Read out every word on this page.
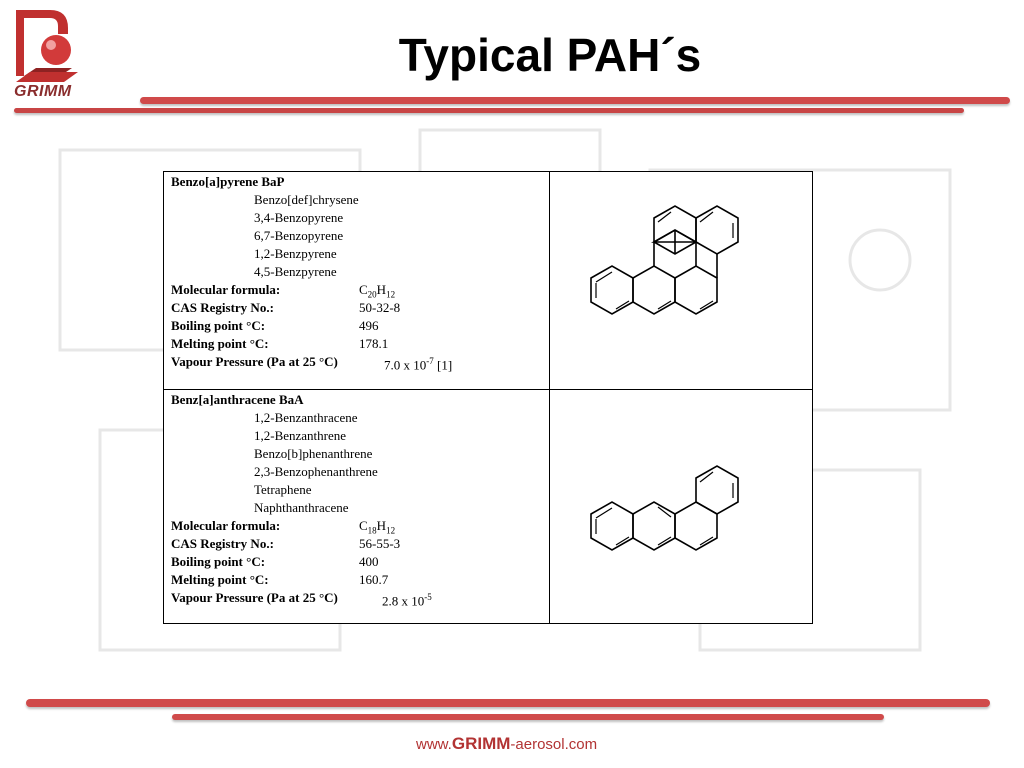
GRIMM
Typical PAH´s
Benzo[a]pyrene BaP
Benzo[def]chrysene
3,4-Benzopyrene
6,7-Benzopyrene
1,2-Benzpyrene
4,5-Benzpyrene
Molecular formula:	$C_{20}H_{12}$
CAS Registry No.:	50-32-8
Boiling point °C:	496
Melting point °C:	178.1
Vapour Pressure (Pa at 25 °C)	7.0 x $10^{-7}$ [1]
Benz[a]anthracene BaA
1,2-Benzanthracene
1,2-Benzanthrene
Benzo[b]phenanthrene
2,3-Benzophenanthrene
Tetraphene
Naphthanthracene
Molecular formula:	$C_{18}H_{12}$
CAS Registry No.:	56-55-3
Boiling point °C:	400
Melting point °C:	160.7
Vapour Pressure (Pa at 25 °C)	2.8 x $10^{-5}$
www.GRIMM-aerosol.com
